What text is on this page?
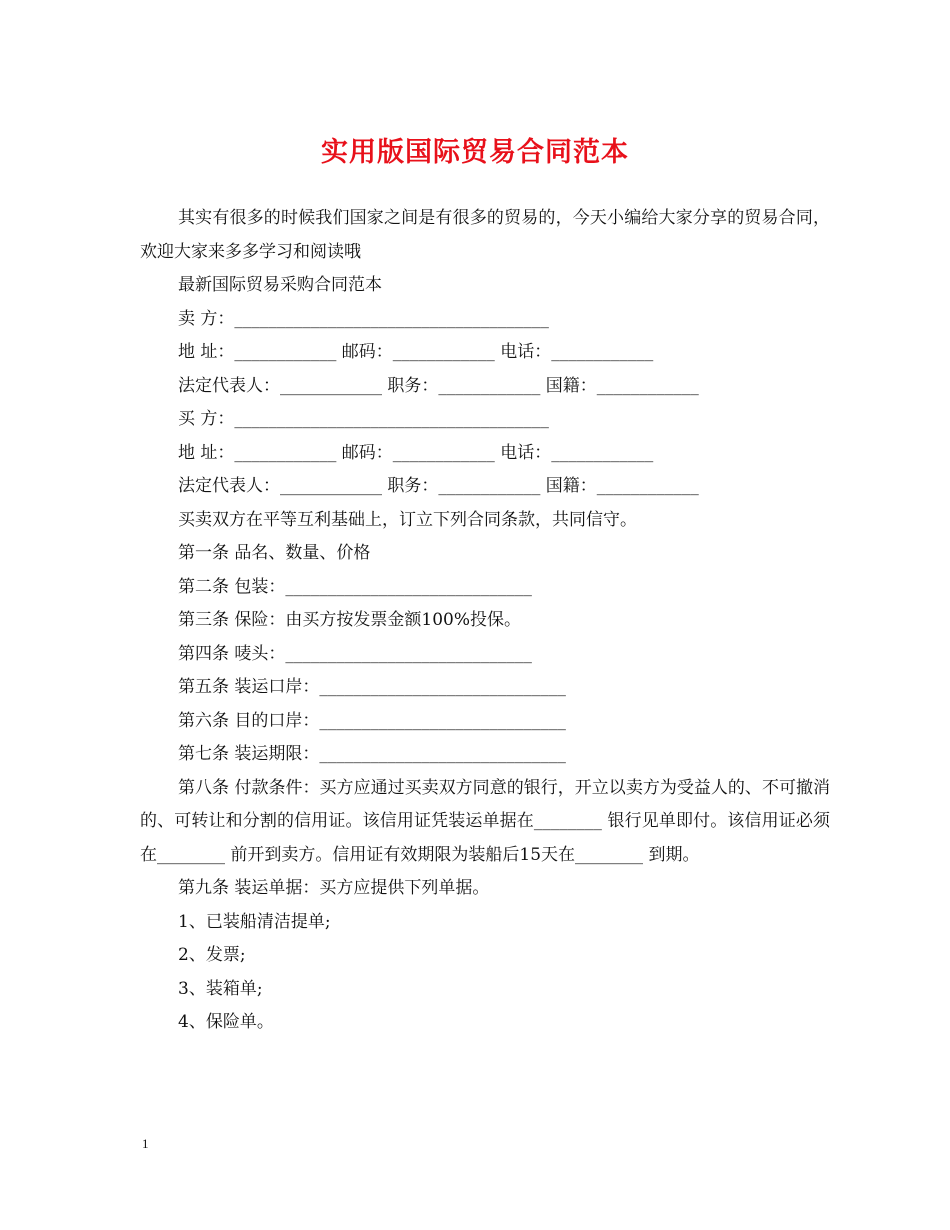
实用版国际贸易合同范本

其实有很多的时候我们国家之间是有很多的贸易的，今天小编给大家分享的贸易合同，欢迎大家来多多学习和阅读哦

最新国际贸易采购合同范本

卖 方：_____________________________________

地 址：____________ 邮码：____________ 电话：____________

法定代表人：____________ 职务：____________ 国籍：____________

买 方：_____________________________________

地 址：____________ 邮码：____________ 电话：____________

法定代表人：____________ 职务：____________ 国籍：____________

买卖双方在平等互利基础上，订立下列合同条款，共同信守。

第一条 品名、数量、价格

第二条 包装：_____________________________

第三条 保险：由买方按发票金额100%投保。

第四条 唛头：_____________________________

第五条 装运口岸：_____________________________

第六条 目的口岸：_____________________________

第七条 装运期限：_____________________________

第八条 付款条件：买方应通过买卖双方同意的银行，开立以卖方为受益人的、不可撤消的、可转让和分割的信用证。该信用证凭装运单据在________ 银行见单即付。该信用证必须在________ 前开到卖方。信用证有效期限为装船后15天在________ 到期。

第九条 装运单据：买方应提供下列单据。

1、已装船清洁提单;

2、发票;

3、装箱单;

4、保险单。

1
